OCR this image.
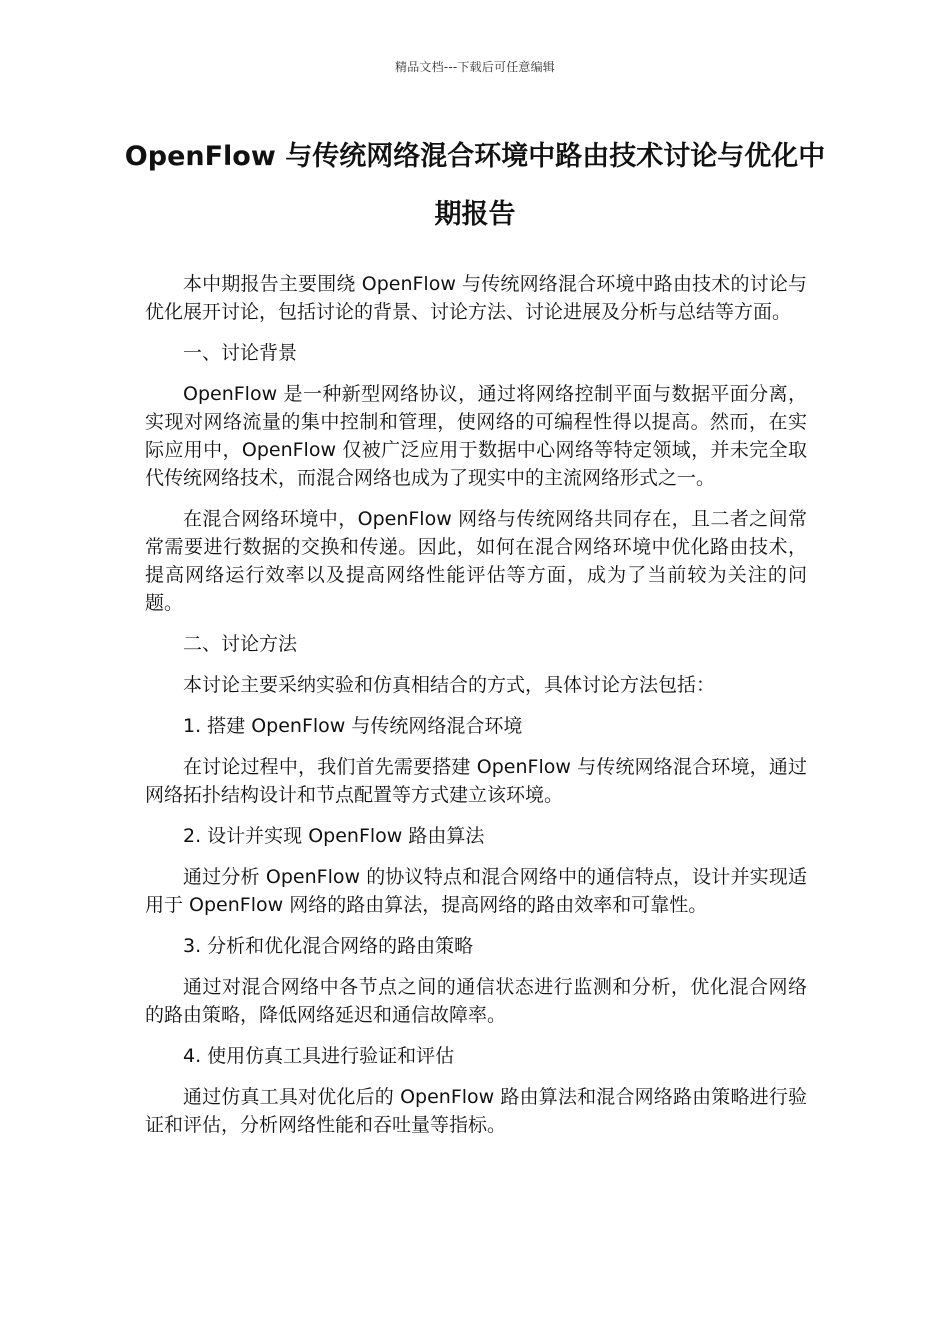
精品文档---下载后可任意编辑
OpenFlow 与传统网络混合环境中路由技术讨论与优化中期报告

本中期报告主要围绕 OpenFlow 与传统网络混合环境中路由技术的讨论与优化展开讨论，包括讨论的背景、讨论方法、讨论进展及分析与总结等方面。

一、讨论背景

OpenFlow 是一种新型网络协议，通过将网络控制平面与数据平面分离，实现对网络流量的集中控制和管理，使网络的可编程性得以提高。然而，在实际应用中，OpenFlow 仅被广泛应用于数据中心网络等特定领域，并未完全取代传统网络技术，而混合网络也成为了现实中的主流网络形式之一。

在混合网络环境中，OpenFlow 网络与传统网络共同存在，且二者之间常常需要进行数据的交换和传递。因此，如何在混合网络环境中优化路由技术，提高网络运行效率以及提高网络性能评估等方面，成为了当前较为关注的问题。

二、讨论方法

本讨论主要采纳实验和仿真相结合的方式，具体讨论方法包括：

1. 搭建 OpenFlow 与传统网络混合环境

在讨论过程中，我们首先需要搭建 OpenFlow 与传统网络混合环境，通过网络拓扑结构设计和节点配置等方式建立该环境。

2. 设计并实现 OpenFlow 路由算法

通过分析 OpenFlow 的协议特点和混合网络中的通信特点，设计并实现适用于 OpenFlow 网络的路由算法，提高网络的路由效率和可靠性。

3. 分析和优化混合网络的路由策略

通过对混合网络中各节点之间的通信状态进行监测和分析，优化混合网络的路由策略，降低网络延迟和通信故障率。

4. 使用仿真工具进行验证和评估

通过仿真工具对优化后的 OpenFlow 路由算法和混合网络路由策略进行验证和评估，分析网络性能和吞吐量等指标。
